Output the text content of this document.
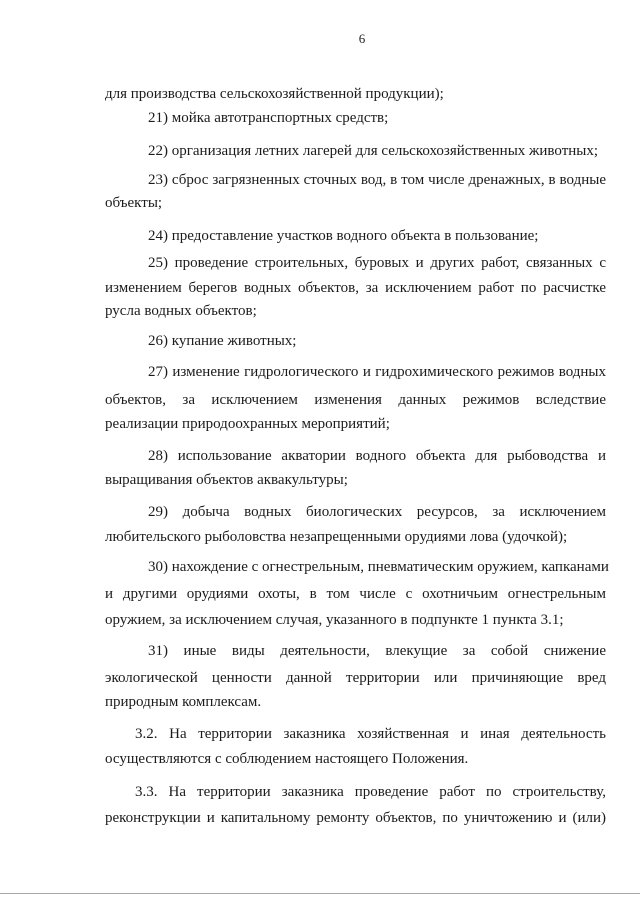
6
для производства сельскохозяйственной продукции);
21) мойка автотранспортных средств;
22) организация летних лагерей для сельскохозяйственных животных;
23) сброс загрязненных сточных вод, в том числе дренажных, в водные
объекты;
24) предоставление участков водного объекта в пользование;
25) проведение строительных, буровых и других работ, связанных с
изменением берегов водных объектов, за исключением работ по расчистке
русла водных объектов;
26) купание животных;
27) изменение гидрологического и гидрохимического режимов водных
объектов, за исключением изменения данных режимов вследствие
реализации природоохранных мероприятий;
28) использование акватории водного объекта для рыбоводства и
выращивания объектов аквакультуры;
29) добыча водных биологических ресурсов, за исключением
любительского рыболовства незапрещенными орудиями лова (удочкой);
30) нахождение с огнестрельным, пневматическим оружием, капканами
и другими орудиями охоты, в том числе с охотничьим огнестрельным
оружием, за исключением случая, указанного в подпункте 1 пункта 3.1;
31) иные виды деятельности, влекущие за собой снижение
экологической ценности данной территории или причиняющие вред
природным комплексам.
3.2. На территории заказника хозяйственная и иная деятельность
осуществляются с соблюдением настоящего Положения.
3.3. На территории заказника проведение работ по строительству,
реконструкции и капитальному ремонту объектов, по уничтожению и (или)
